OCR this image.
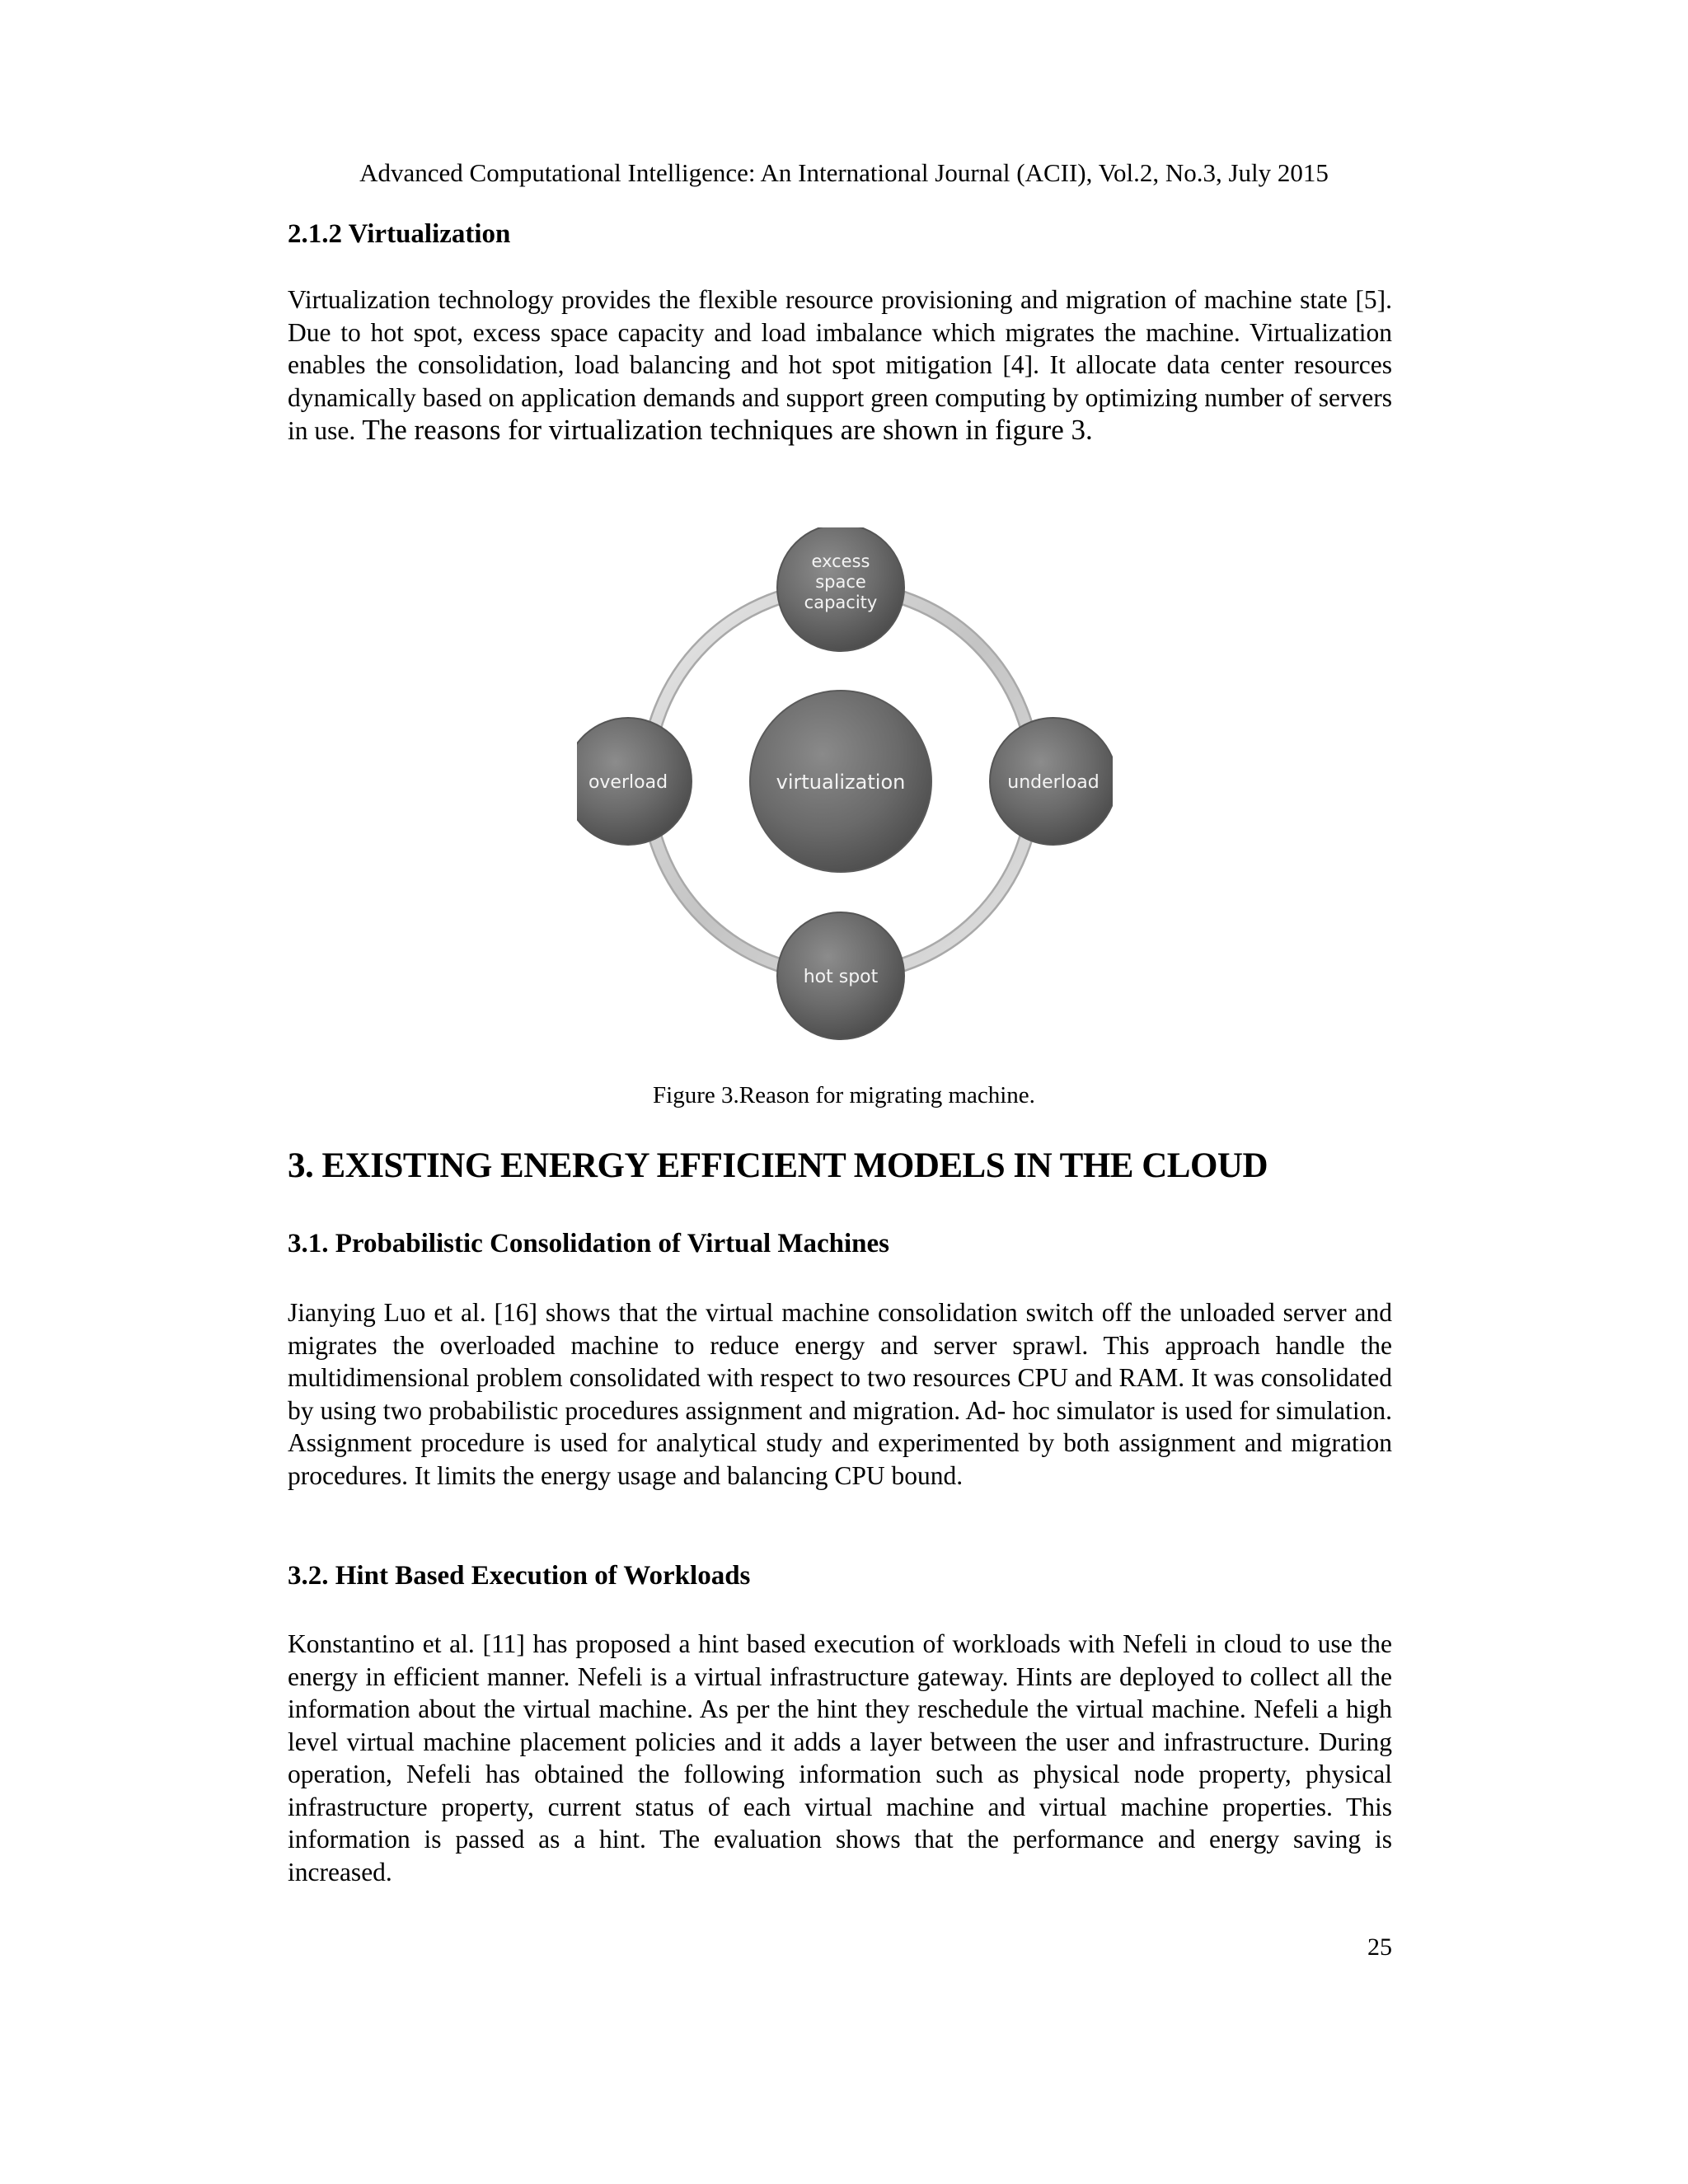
Advanced Computational Intelligence: An International Journal (ACII), Vol.2, No.3, July 2015

2.1.2 Virtualization

Virtualization technology provides the flexible resource provisioning and migration of machine state [5]. Due to hot spot, excess space capacity and load imbalance which migrates the machine. Virtualization enables the consolidation, load balancing and hot spot mitigation [4]. It allocate data center resources dynamically based on application demands and support green computing by optimizing number of servers in use. The reasons for virtualization techniques are shown in figure 3.

virtualization
excess
space
capacity
overload	underload
hot spot
Figure 3.Reason for migrating machine.

3. EXISTING ENERGY EFFICIENT MODELS IN THE CLOUD

3.1. Probabilistic Consolidation of Virtual Machines

Jianying Luo et al. [16] shows that the virtual machine consolidation switch off the unloaded server and migrates the overloaded machine to reduce energy and server sprawl. This approach handle the multidimensional problem consolidated with respect to two resources CPU and RAM. It was consolidated by using two probabilistic procedures assignment and migration. Ad- hoc simulator is used for simulation. Assignment procedure is used for analytical study and experimented by both assignment and migration procedures. It limits the energy usage and balancing CPU bound.

3.2. Hint Based Execution of Workloads

Konstantino et al. [11] has proposed a hint based execution of workloads with Nefeli in cloud to use the energy in efficient manner. Nefeli is a virtual infrastructure gateway. Hints are deployed to collect all the information about the virtual machine. As per the hint they reschedule the virtual machine. Nefeli a high level virtual machine placement policies and it adds a layer between the user and infrastructure. During operation, Nefeli has obtained the following information such as physical node property, physical infrastructure property, current status of each virtual machine and virtual machine properties. This information is passed as a hint. The evaluation shows that the performance and energy saving is increased.

25
